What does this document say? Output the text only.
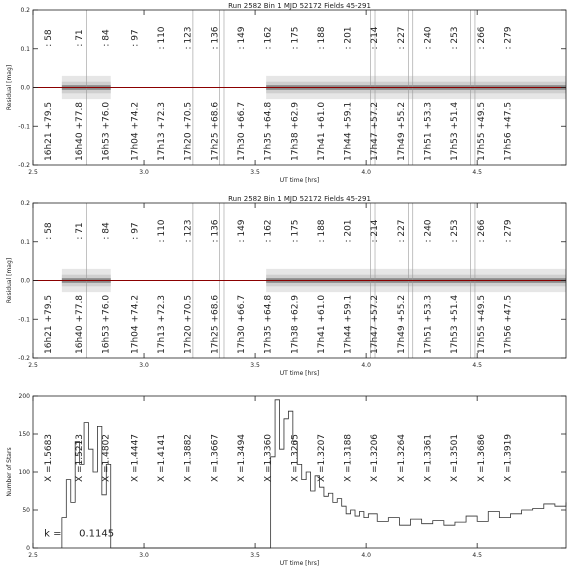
Run 2582 Bin 1 MJD 52172 Fields 45-291
: 58 : 71 : 84 : 97 : 110 : 123 : 136 : 149 : 162 : 175 : 188 : 201 : 214 : 227 : 240 : 253 : 266 : 279
16h21 +79.5 16h40 +77.8 16h53 +76.0 17h04 +74.2 17h13 +72.3 17h20 +70.5 17h25 +68.6 17h30 +66.7 17h35 +64.8 17h38 +62.9 17h41 +61.0 17h44 +59.1 17h47 +57.2 17h49 +55.2 17h51 +53.3 17h53 +51.4 17h55 +49.5 17h56 +47.5
2.5	3.0	3.5	4.0	4.5
-0.2
-0.1
0.0
0.1
0.2
UT time [hrs]
Residual [mag]
Run 2582 Bin 1 MJD 52172 Fields 45-291
: 58 : 71 : 84 : 97 : 110 : 123 : 136 : 149 : 162 : 175 : 188 : 201 : 214 : 227 : 240 : 253 : 266 : 279
16h21 +79.5 16h40 +77.8 16h53 +76.0 17h04 +74.2 17h13 +72.3 17h20 +70.5 17h25 +68.6 17h30 +66.7 17h35 +64.8 17h38 +62.9 17h41 +61.0 17h44 +59.1 17h47 +57.2 17h49 +55.2 17h51 +53.3 17h53 +51.4 17h55 +49.5 17h56 +47.5
2.5	3.0	3.5	4.0	4.5
-0.2
-0.1
0.0
0.1
0.2
UT time [hrs]
Residual [mag]
X =1.5683 X =1.5213 X =1.4802 X =1.4447 X =1.4141 X =1.3882 X =1.3667 X =1.3494 X =1.3360 X =1.3265 X =1.3207 X =1.3188 X =1.3206 X =1.3264 X =1.3361 X =1.3501 X =1.3686 X =1.3919
k = 0.1145
2.5	3.0	3.5	4.0	4.5
0
50
100
150
200
UT time [hrs]
Number of Stars
